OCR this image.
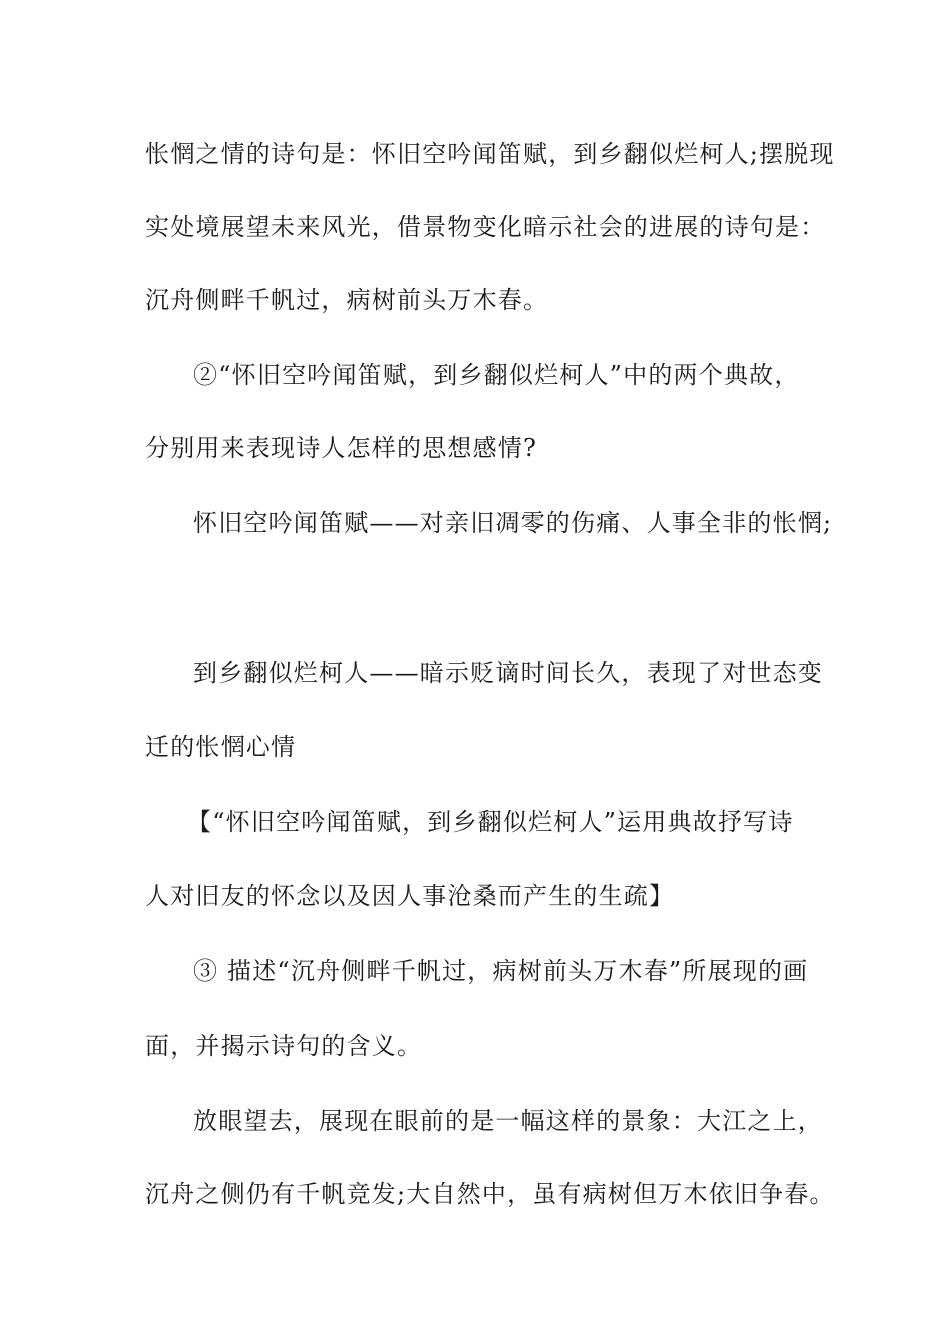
怅惘之情的诗句是：怀旧空吟闻笛赋，到乡翻似烂柯人;摆脱现

实处境展望未来风光，借景物变化暗示社会的进展的诗句是：

沉舟侧畔千帆过，病树前头万木春。

②“怀旧空吟闻笛赋，到乡翻似烂柯人”中的两个典故，

分别用来表现诗人怎样的思想感情?

怀旧空吟闻笛赋——对亲旧凋零的伤痛、人事全非的怅惘;

到乡翻似烂柯人——暗示贬谪时间长久，表现了对世态变

迁的怅惘心情

【“怀旧空吟闻笛赋，到乡翻似烂柯人”运用典故抒写诗

人对旧友的怀念以及因人事沧桑而产生的生疏】

③ 描述“沉舟侧畔千帆过，病树前头万木春”所展现的画

面，并揭示诗句的含义。

放眼望去，展现在眼前的是一幅这样的景象：大江之上，

沉舟之侧仍有千帆竞发;大自然中，虽有病树但万木依旧争春。
